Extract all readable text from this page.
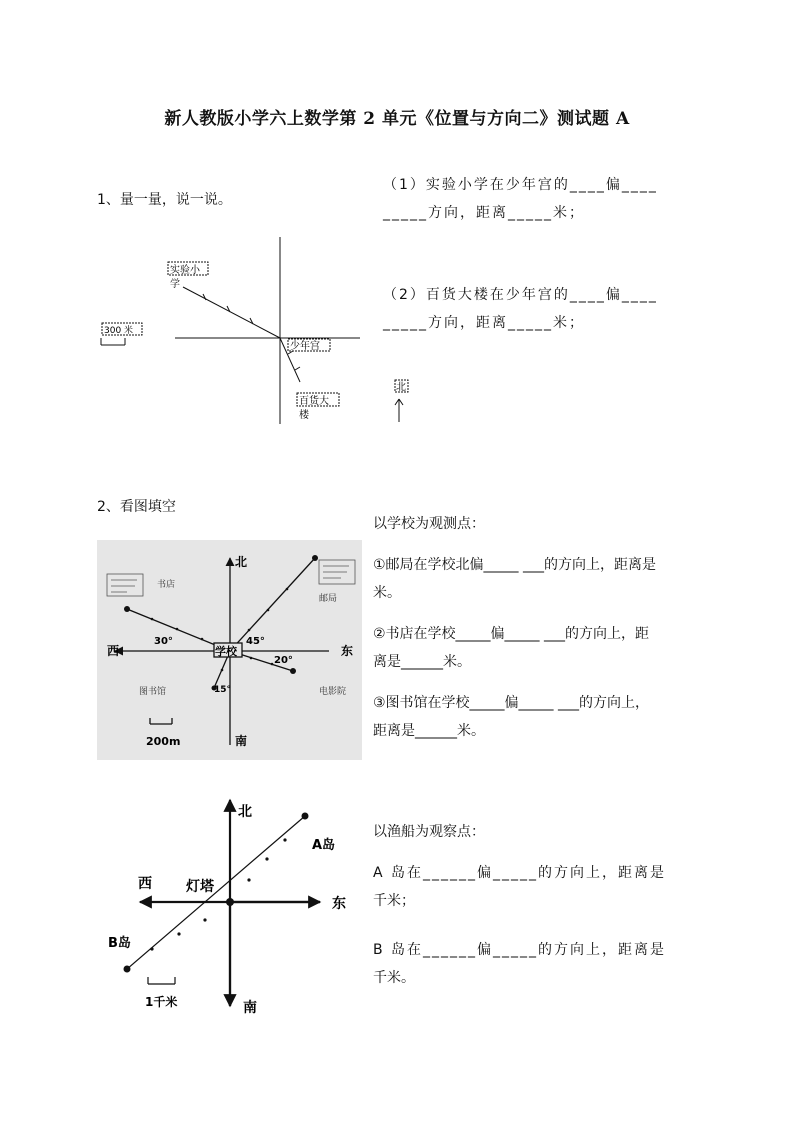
新人教版小学六上数学第 2 单元《位置与方向二》测试题 A
1、量一量，说一说。
（1）实验小学在少年宫的____偏____
_____方向，距离_____米；
（2）百货大楼在少年宫的____偏____
_____方向，距离_____米；
实验小
学
少年宫
百货大
楼
300 米
北
2、看图填空
以学校为观测点：
①邮局在学校北偏_____ ___的方向上，距离是
米。
②书店在学校_____偏_____ ___的方向上，距
离是______米。
③图书馆在学校_____偏_____ ___的方向上，
距离是______米。
北
南
西	东
学校
书店
邮局
图书馆	电影院
30°	45°
20°
15°
200m
以渔船为观察点：
A 岛在______偏_____的方向上，距离是
千米；
B 岛在______偏_____的方向上，距离是
千米。
北
南
西
东
灯塔
A岛
B岛
1千米
